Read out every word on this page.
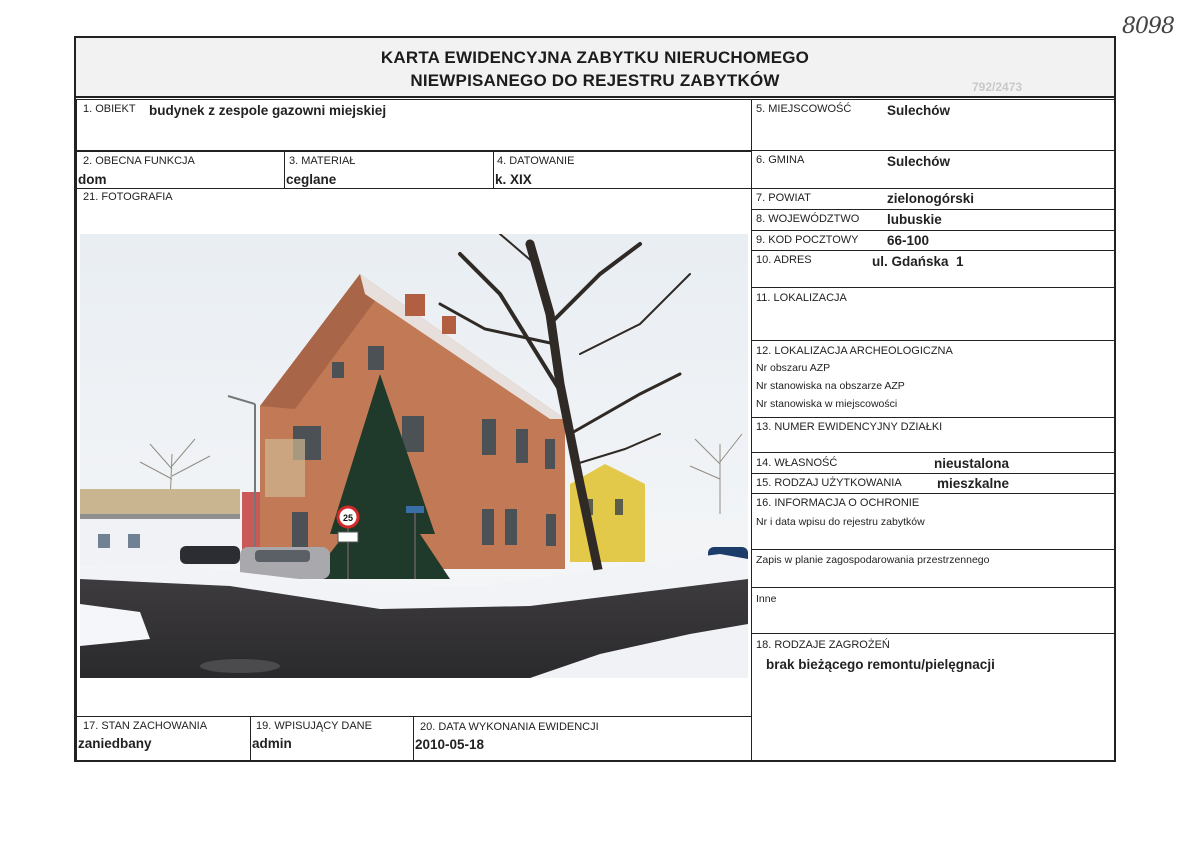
8098
792/2473
KARTA EWIDENCYJNA ZABYTKU NIERUCHOMEGO
NIEWPISANEGO DO REJESTRU ZABYTKÓW
1. OBIEKT budynek z zespole gazowni miejskiej
2. OBECNA FUNKCJA
dom
3. MATERIAŁ
ceglane
4. DATOWANIE
k. XIX
21. FOTOGRAFIA
25
5. MIEJSCOWOŚĆ	Sulechów
6. GMINA	Sulechów
7. POWIAT	zielonogórski
8. WOJEWÓDZTWO lubuskie
9. KOD POCZTOWY 66-100
10. ADRES	ul. Gdańska  1
11. LOKALIZACJA
12. LOKALIZACJA ARCHEOLOGICZNA
Nr obszaru AZP
Nr stanowiska na obszarze AZP
Nr stanowiska w miejscowości
13. NUMER EWIDENCYJNY DZIAŁKI
14. WŁASNOŚĆ	nieustalona
15. RODZAJ UŻYTKOWANIA	mieszkalne
16. INFORMACJA O OCHRONIE
Nr i data wpisu do rejestru zabytków
Zapis w planie zagospodarowania przestrzennego
Inne
18. RODZAJE ZAGROŻEŃ
brak bieżącego remontu/pielęgnacji
17. STAN ZACHOWANIA
zaniedbany
19. WPISUJĄCY DANE
admin
20. DATA WYKONANIA EWIDENCJI
2010-05-18
